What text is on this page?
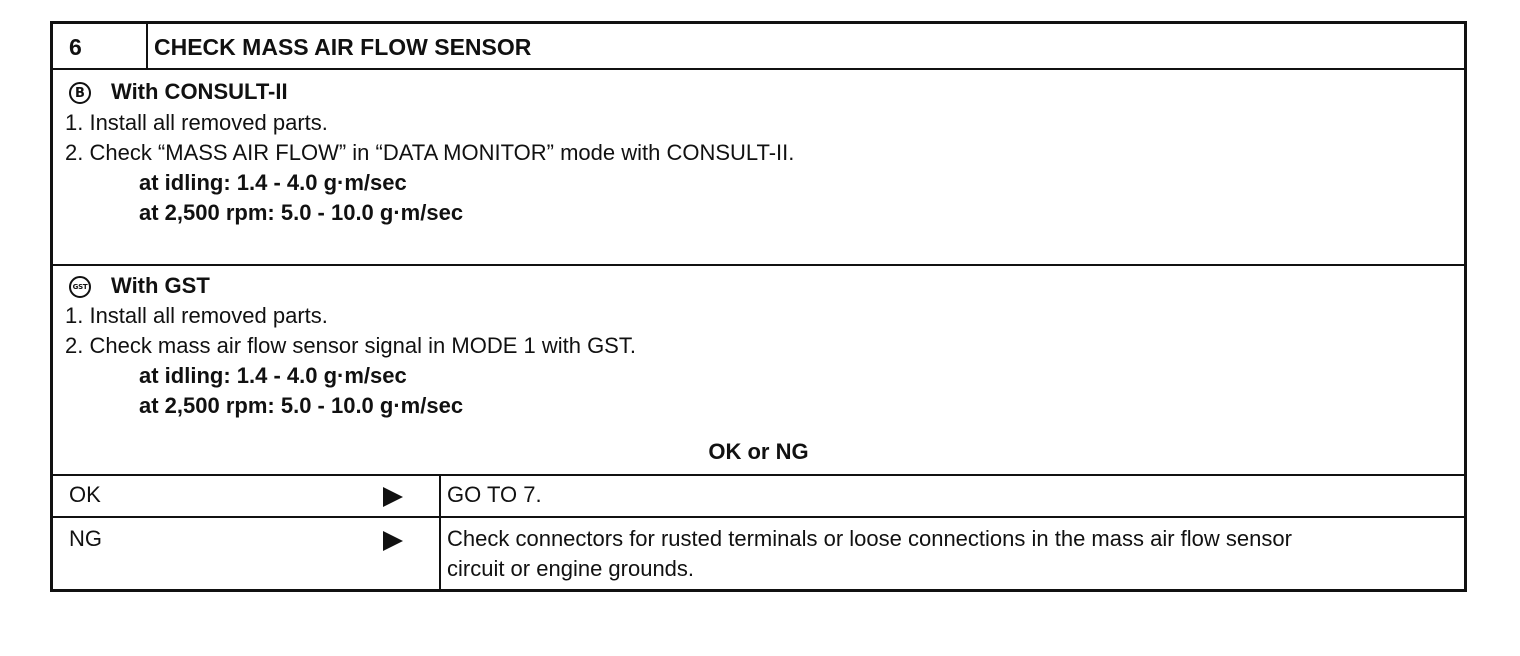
6	CHECK MASS AIR FLOW SENSOR
B With CONSULT-II
1. Install all removed parts.
2. Check “MASS AIR FLOW” in “DATA MONITOR” mode with CONSULT-II.
at idling: 1.4 - 4.0 g·m/sec
at 2,500 rpm: 5.0 - 10.0 g·m/sec
GST With GST
1. Install all removed parts.
2. Check mass air flow sensor signal in MODE 1 with GST.
at idling: 1.4 - 4.0 g·m/sec
at 2,500 rpm: 5.0 - 10.0 g·m/sec
OK or NG
OK	GO TO 7.
NG	Check connectors for rusted terminals or loose connections in the mass air flow sensor
circuit or engine grounds.
